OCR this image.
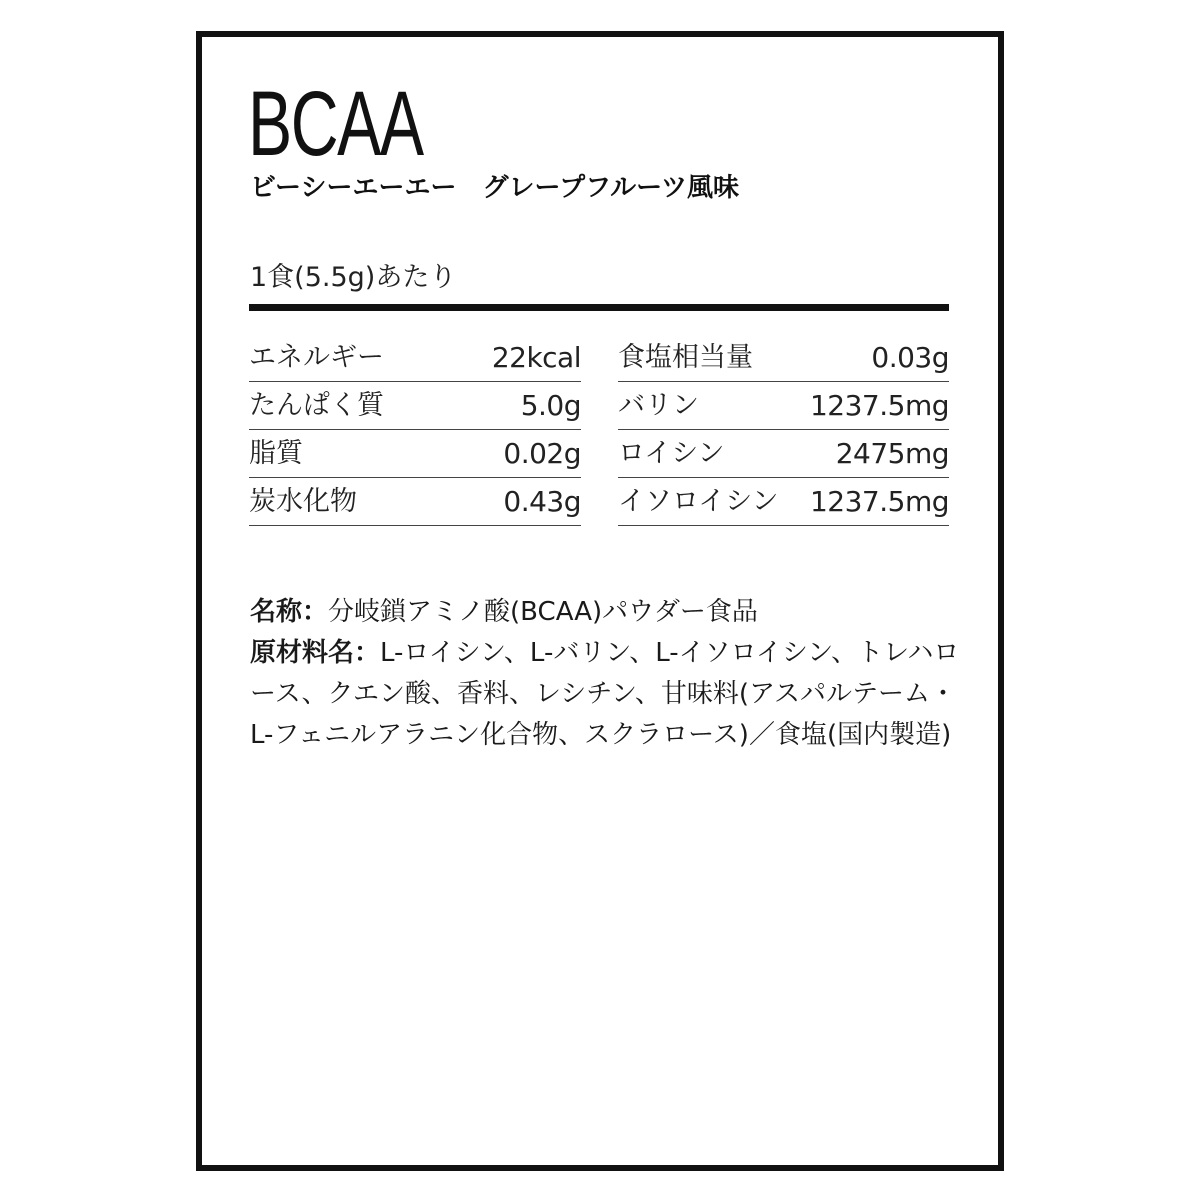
BCAA
ビーシーエーエー　グレープフルーツ風味
1食(5.5g)あたり
エネルギー	22kcal
たんぱく質	5.0g
脂質	0.02g
炭水化物	0.43g
食塩相当量	0.03g
バリン	1237.5mg
ロイシン	2475mg
イソロイシン 1237.5mg

名称：分岐鎖アミノ酸(BCAA)パウダー食品

原材料名：L-ロイシン、L-バリン、L-イソロイシン、トレハロース、クエン酸、香料、レシチン、甘味料(アスパルテーム・L-フェニルアラニン化合物、スクラロース)／食塩(国内製造)
